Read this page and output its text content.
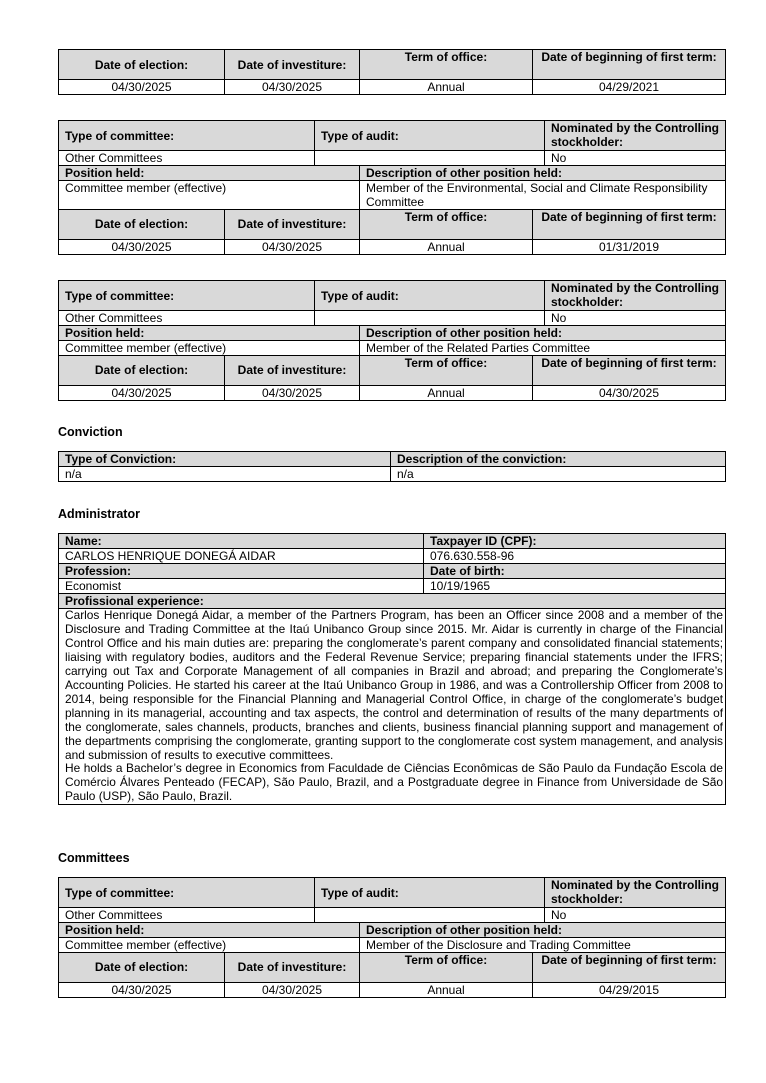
Date of election:	Date of investiture:	Term of office:	Date of beginning of first term:
04/30/2025	04/30/2025	Annual	04/29/2021
Type of committee:	Type of audit:		Nominated by the Controlling stockholder:
Other Committees			No
Position held:		Description of other position held:	
Committee member (effective)		Member of the Environmental, Social and Climate Responsibility Committee	
Date of election:	Date of investiture:	Term of office:	Date of beginning of first term:
04/30/2025	04/30/2025	Annual	01/31/2019
Type of committee:	Type of audit:		Nominated by the Controlling stockholder:
Other Committees			No
Position held:		Description of other position held:	
Committee member (effective)		Member of the Related Parties Committee	
Date of election:	Date of investiture:	Term of office:	Date of beginning of first term:
04/30/2025	04/30/2025	Annual	04/30/2025
Conviction
Type of Conviction:	Description of the conviction:
n/a	n/a
Administrator
Name:	Taxpayer ID (CPF):
CARLOS HENRIQUE DONEGÁ AIDAR	076.630.558-96
Profession:	Date of birth:
Economist	10/19/1965
Profissional experience:	

Carlos Henrique Donegá Aidar, a member of the Partners Program, has been an Officer since 2008 and a member of the Disclosure and Trading Committee at the Itaú Unibanco Group since 2015. Mr. Aidar is currently in charge of the Financial Control Office and his main duties are: preparing the conglomerate’s parent company and consolidated financial statements; liaising with regulatory bodies, auditors and the Federal Revenue Service; preparing financial statements under the IFRS; carrying out Tax and Corporate Management of all companies in Brazil and abroad; and preparing the Conglomerate’s Accounting Policies. He started his career at the Itaú Unibanco Group in 1986, and was a Controllership Officer from 2008 to 2014, being responsible for the Financial Planning and Managerial Control Office, in charge of the conglomerate’s budget planning in its managerial, accounting and tax aspects, the control and determination of results of the many departments of the conglomerate, sales channels, products, branches and clients, business financial planning support and management of the departments comprising the conglomerate, granting support to the conglomerate cost system management, and analysis and submission of results to executive committees.
He holds a Bachelor’s degree in Economics from Faculdade de Ciências Econômicas de São Paulo da Fundação Escola de Comércio Álvares Penteado (FECAP), São Paulo, Brazil, and a Postgraduate degree in Finance from Universidade de São Paulo (USP), São Paulo, Brazil.	
Committees
Type of committee:	Type of audit:		Nominated by the Controlling stockholder:
Other Committees			No
Position held:		Description of other position held:	
Committee member (effective)		Member of the Disclosure and Trading Committee	
Date of election:	Date of investiture:	Term of office:	Date of beginning of first term:
04/30/2025	04/30/2025	Annual	04/29/2015
